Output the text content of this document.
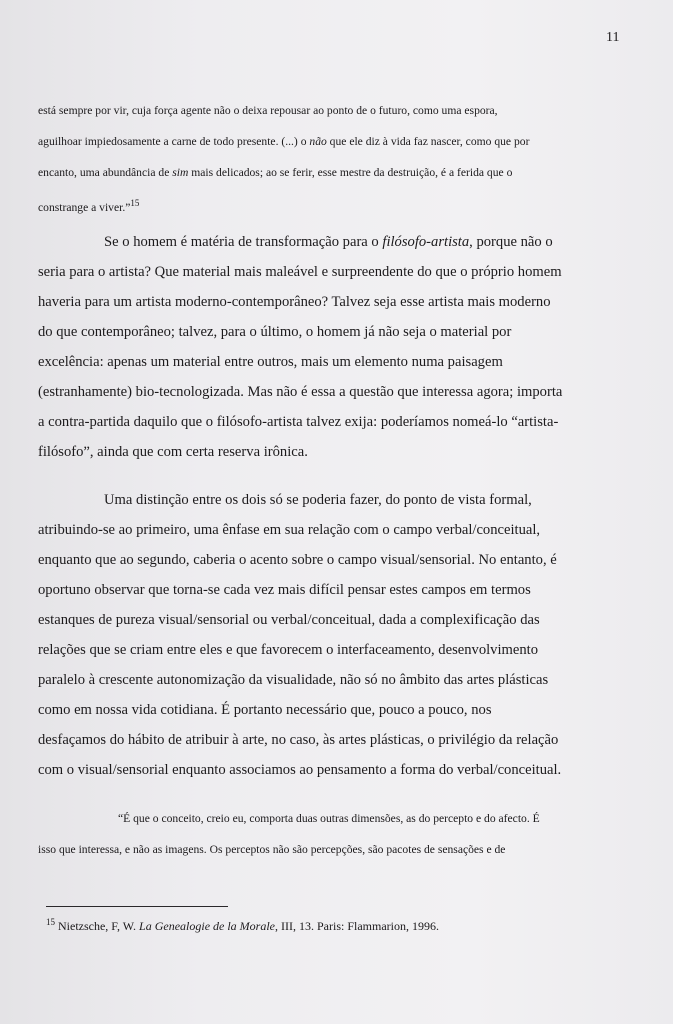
11
está sempre por vir, cuja força agente não o deixa repousar ao ponto de o futuro, como uma espora,
aguilhoar impiedosamente a carne de todo presente. (...) o não que ele diz à vida faz nascer, como que por
encanto, uma abundância de sim mais delicados; ao se ferir, esse mestre da destruição, é a ferida que o
constrange a viver.”$^{15}$
Se o homem é matéria de transformação para o filósofo-artista, porque não o
seria para o artista? Que material mais maleável e surpreendente do que o próprio homem
haveria para um artista moderno-contemporâneo? Talvez seja esse artista mais moderno
do que contemporâneo; talvez, para o último, o homem já não seja o material por
excelência: apenas um material entre outros, mais um elemento numa paisagem
(estranhamente) bio-tecnologizada. Mas não é essa a questão que interessa agora; importa
a contra-partida daquilo que o filósofo-artista talvez exija: poderíamos nomeá-lo “artista-
filósofo”, ainda que com certa reserva irônica.
Uma distinção entre os dois só se poderia fazer, do ponto de vista formal,
atribuindo-se ao primeiro, uma ênfase em sua relação com o campo verbal/conceitual,
enquanto que ao segundo, caberia o acento sobre o campo visual/sensorial. No entanto, é
oportuno observar que torna-se cada vez mais difícil pensar estes campos em termos
estanques de pureza visual/sensorial ou verbal/conceitual, dada a complexificação das
relações que se criam entre eles e que favorecem o interfaceamento, desenvolvimento
paralelo à crescente autonomização da visualidade, não só no âmbito das artes plásticas
como em nossa vida cotidiana. É portanto necessário que, pouco a pouco, nos
desfaçamos do hábito de atribuir à arte, no caso, às artes plásticas, o privilégio da relação
com o visual/sensorial enquanto associamos ao pensamento a forma do verbal/conceitual.
“É que o conceito, creio eu, comporta duas outras dimensões, as do percepto e do afecto. É
isso que interessa, e não as imagens. Os perceptos não são percepções, são pacotes de sensações e de
$^{15}$ Nietzsche, F, W. La Genealogie de la Morale, III, 13. Paris: Flammarion, 1996.
